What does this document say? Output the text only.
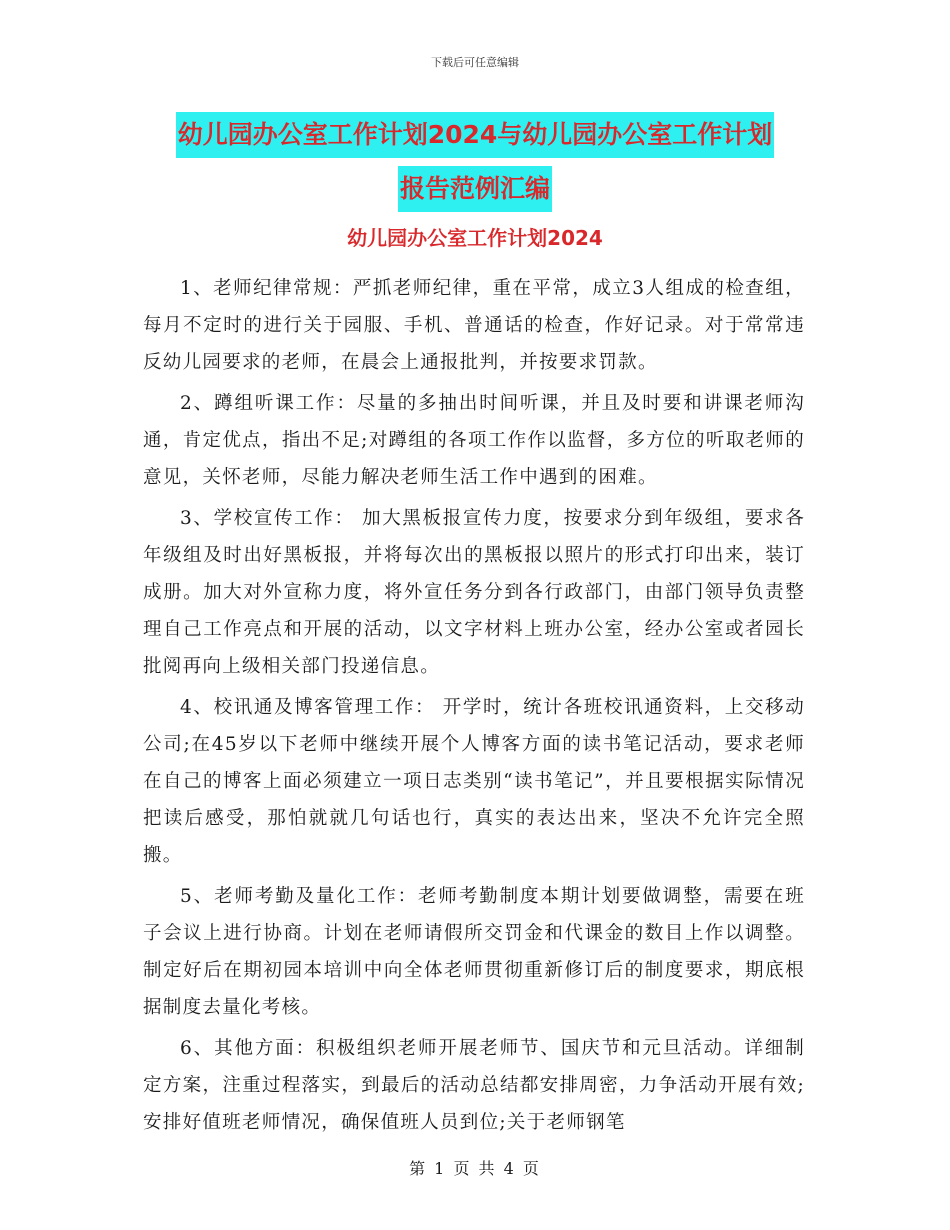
下载后可任意编辑
幼儿园办公室工作计划2024与幼儿园办公室工作计划
报告范例汇编
幼儿园办公室工作计划2024

1、老师纪律常规：严抓老师纪律，重在平常，成立3人组成的检查组，每月不定时的进行关于园服、手机、普通话的检查，作好记录。对于常常违反幼儿园要求的老师，在晨会上通报批判，并按要求罚款。

2、蹲组听课工作：尽量的多抽出时间听课，并且及时要和讲课老师沟通，肯定优点，指出不足;对蹲组的各项工作作以监督，多方位的听取老师的意见，关怀老师，尽能力解决老师生活工作中遇到的困难。

3、学校宣传工作： 加大黑板报宣传力度，按要求分到年级组，要求各年级组及时出好黑板报，并将每次出的黑板报以照片的形式打印出来，装订成册。加大对外宣称力度，将外宣任务分到各行政部门，由部门领导负责整理自己工作亮点和开展的活动，以文字材料上班办公室，经办公室或者园长批阅再向上级相关部门投递信息。

4、校讯通及博客管理工作： 开学时，统计各班校讯通资料，上交移动公司;在45岁以下老师中继续开展个人博客方面的读书笔记活动，要求老师在自己的博客上面必须建立一项日志类别“读书笔记”，并且要根据实际情况把读后感受，那怕就就几句话也行，真实的表达出来，坚决不允许完全照搬。

5、老师考勤及量化工作：老师考勤制度本期计划要做调整，需要在班子会议上进行协商。计划在老师请假所交罚金和代课金的数目上作以调整。制定好后在期初园本培训中向全体老师贯彻重新修订后的制度要求，期底根据制度去量化考核。

6、其他方面：积极组织老师开展老师节、国庆节和元旦活动。详细制定方案，注重过程落实，到最后的活动总结都安排周密，力争活动开展有效;安排好值班老师情况，确保值班人员到位;关于老师钢笔

第 1 页 共 4 页
